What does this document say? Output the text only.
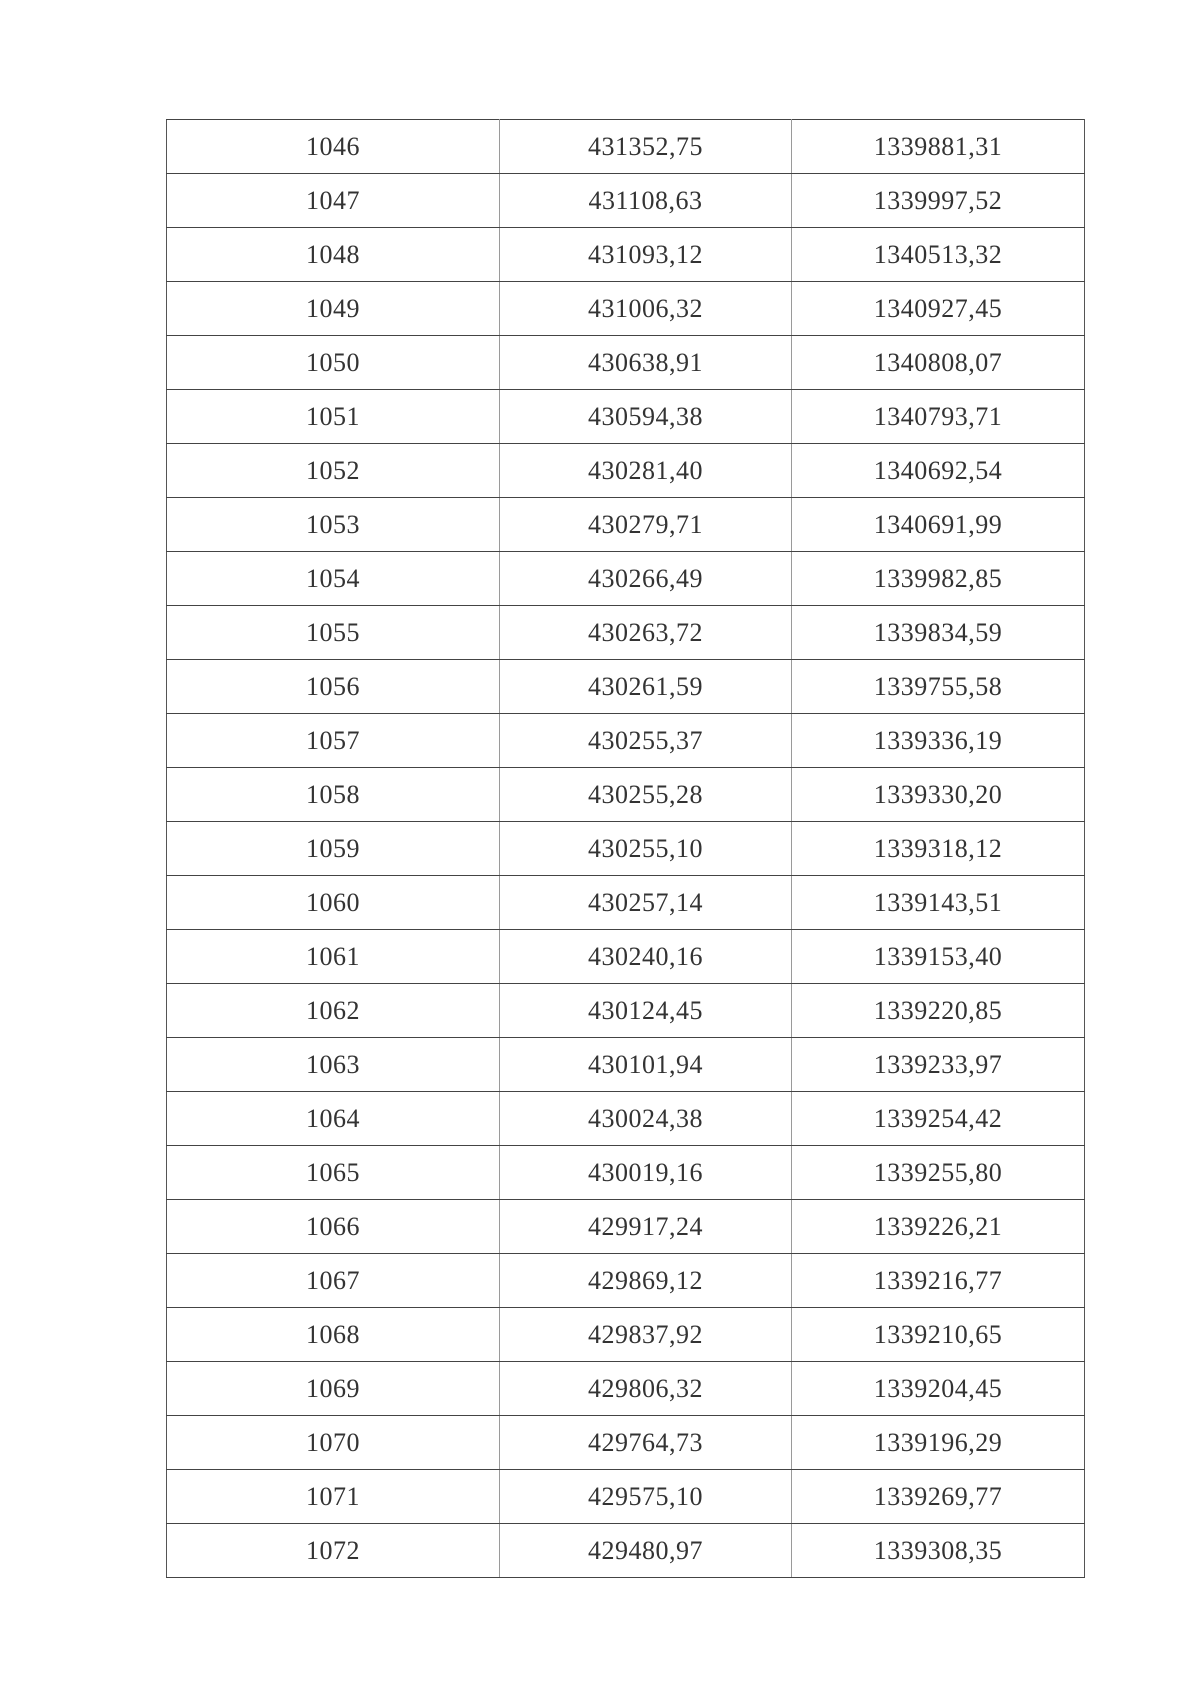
1046	431352,75	1339881,31
1047	431108,63	1339997,52
1048	431093,12	1340513,32
1049	431006,32	1340927,45
1050	430638,91	1340808,07
1051	430594,38	1340793,71
1052	430281,40	1340692,54
1053	430279,71	1340691,99
1054	430266,49	1339982,85
1055	430263,72	1339834,59
1056	430261,59	1339755,58
1057	430255,37	1339336,19
1058	430255,28	1339330,20
1059	430255,10	1339318,12
1060	430257,14	1339143,51
1061	430240,16	1339153,40
1062	430124,45	1339220,85
1063	430101,94	1339233,97
1064	430024,38	1339254,42
1065	430019,16	1339255,80
1066	429917,24	1339226,21
1067	429869,12	1339216,77
1068	429837,92	1339210,65
1069	429806,32	1339204,45
1070	429764,73	1339196,29
1071	429575,10	1339269,77
1072	429480,97	1339308,35
